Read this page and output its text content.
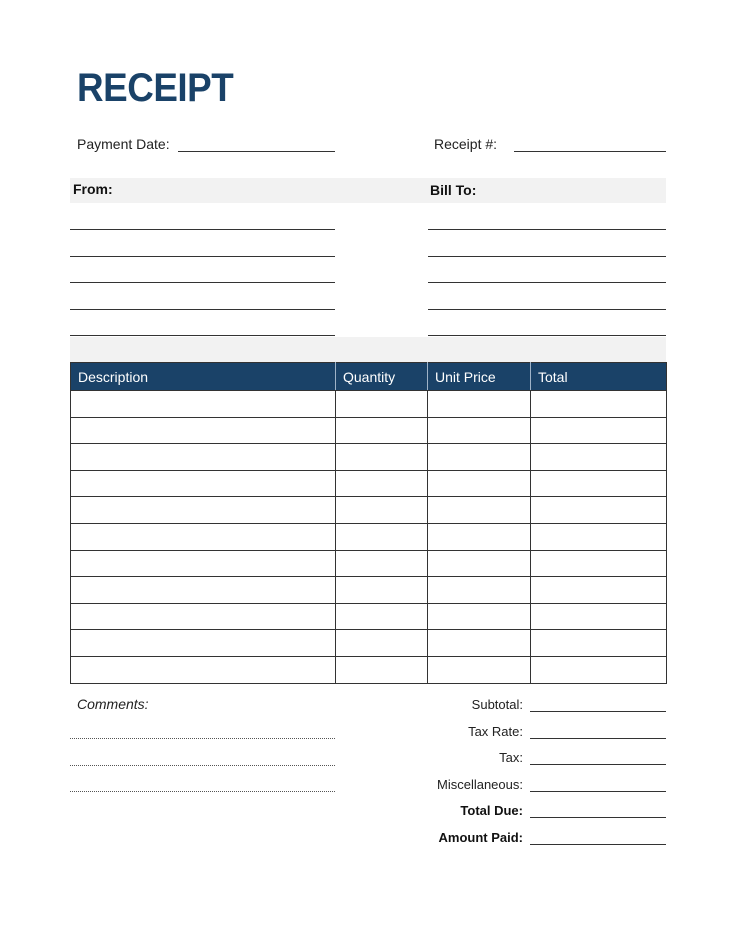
RECEIPT
Payment Date:	Receipt #:
From:	Bill To:
Description	Quantity	Unit Price	Total

Comments:	Subtotal:
Tax Rate:
Tax:
Miscellaneous:
Total Due:
Amount Paid:
